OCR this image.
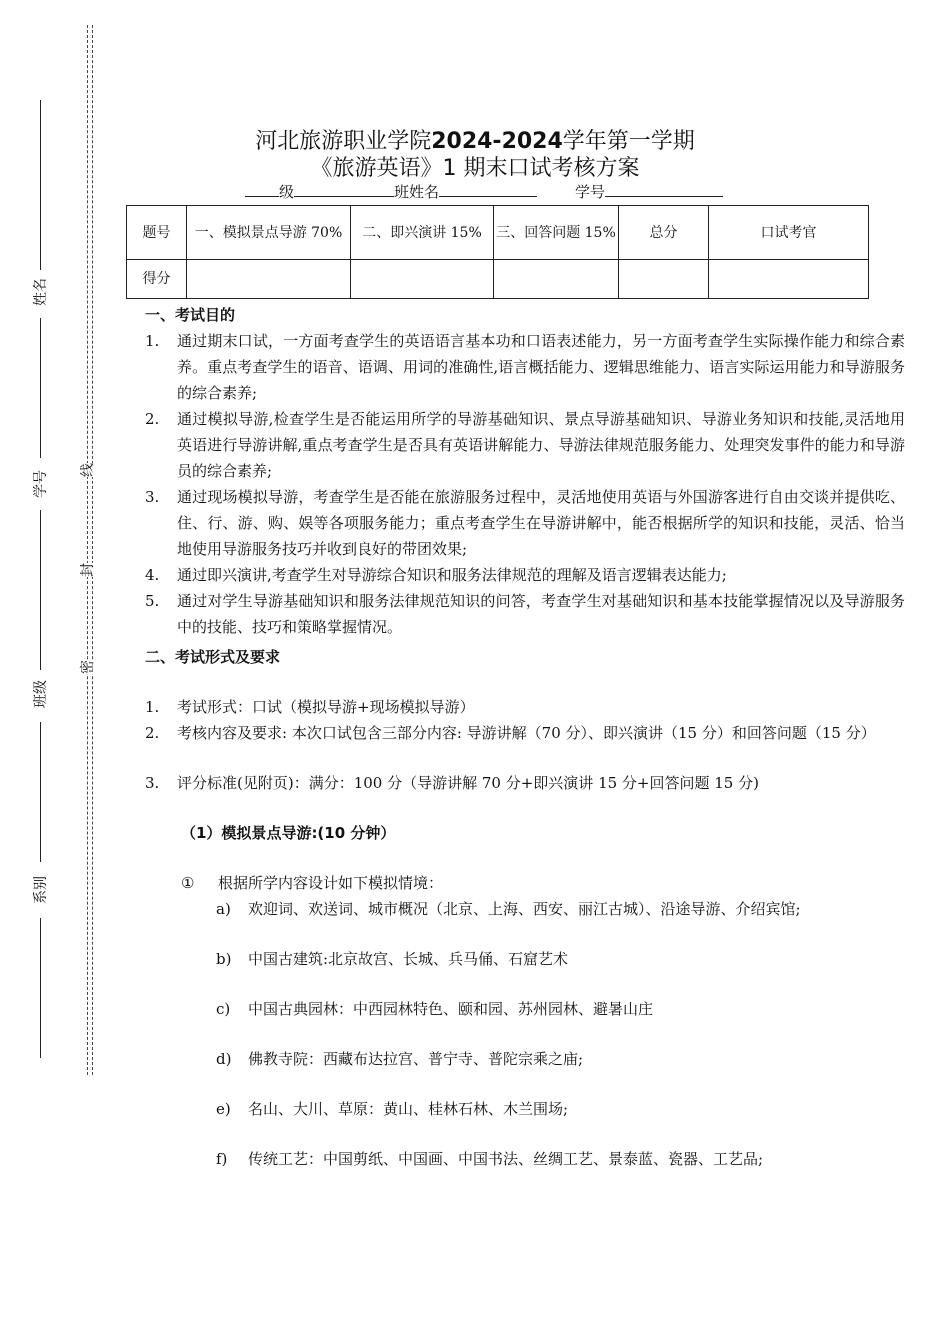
姓名
学号
班级
系别
线
封
密
河北旅游职业学院2024-2024学年第一学期
《旅游英语》1 期末口试考核方案
级	班姓名	学号
题号	一、模拟景点导游 70%	二、即兴演讲 15%	三、回答问题 15%	总分	口试考官
得分					
一、考试目的
1. 通过期末口试，一方面考查学生的英语语言基本功和口语表述能力，另一方面考查学生实际操作能力和综合素养。重点考查学生的语音、语调、用词的准确性,语言概括能力、逻辑思维能力、语言实际运用能力和导游服务的综合素养;
2. 通过模拟导游,检查学生是否能运用所学的导游基础知识、景点导游基础知识、导游业务知识和技能,灵活地用英语进行导游讲解,重点考查学生是否具有英语讲解能力、导游法律规范服务能力、处理突发事件的能力和导游员的综合素养;
3. 通过现场模拟导游，考查学生是否能在旅游服务过程中，灵活地使用英语与外国游客进行自由交谈并提供吃、住、行、游、购、娱等各项服务能力；重点考查学生在导游讲解中，能否根据所学的知识和技能，灵活、恰当地使用导游服务技巧并收到良好的带团效果;
4. 通过即兴演讲,考查学生对导游综合知识和服务法律规范的理解及语言逻辑表达能力;
5. 通过对学生导游基础知识和服务法律规范知识的问答，考查学生对基础知识和基本技能掌握情况以及导游服务中的技能、技巧和策略掌握情况。
二、考试形式及要求
1. 考试形式：口试（模拟导游+现场模拟导游）
2. 考核内容及要求: 本次口试包含三部分内容: 导游讲解（70 分）、即兴演讲（15 分）和回答问题（15 分）
3. 评分标准(见附页)：满分：100 分（导游讲解 70 分+即兴演讲 15 分+回答问题 15 分)
（1）模拟景点导游:(10 分钟）
① 根据所学内容设计如下模拟情境：
a) 欢迎词、欢送词、城市概况（北京、上海、西安、丽江古城）、沿途导游、介绍宾馆;
b) 中国古建筑:北京故宫、长城、兵马俑、石窟艺术
c) 中国古典园林：中西园林特色、颐和园、苏州园林、避暑山庄
d) 佛教寺院：西藏布达拉宫、普宁寺、普陀宗乘之庙;
e) 名山、大川、草原：黄山、桂林石林、木兰围场;
f) 传统工艺：中国剪纸、中国画、中国书法、丝绸工艺、景泰蓝、瓷器、工艺品;
